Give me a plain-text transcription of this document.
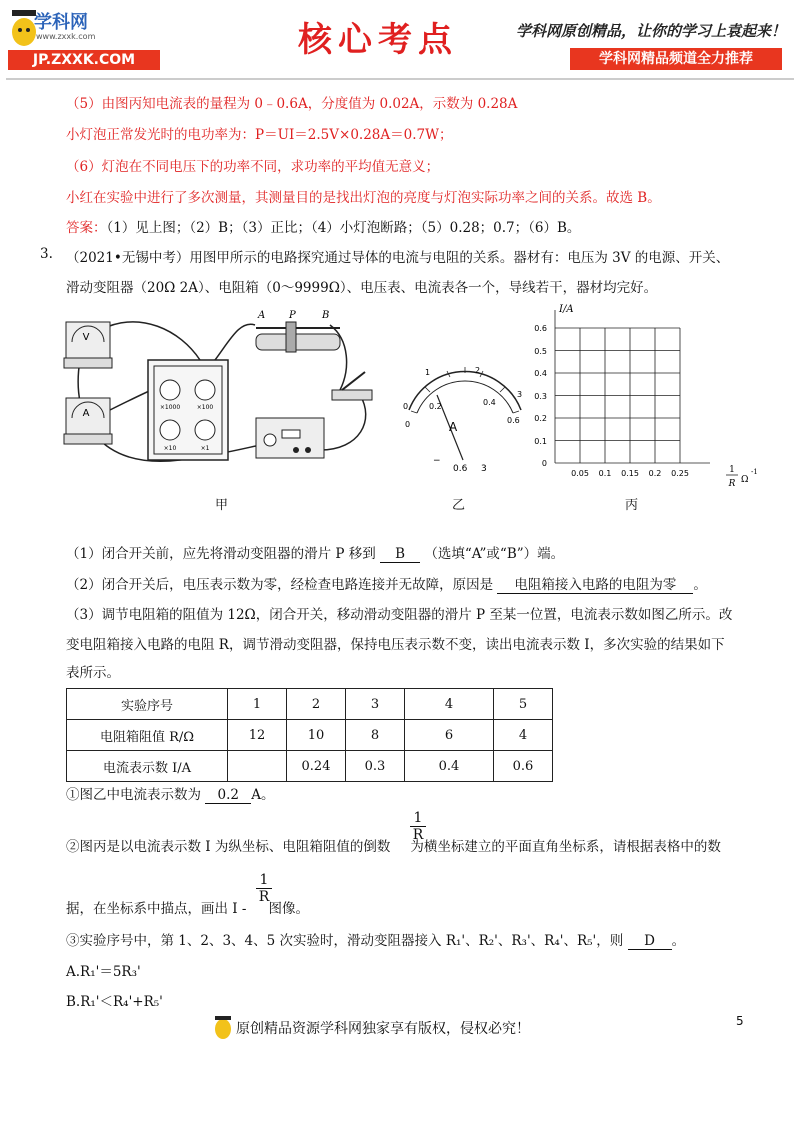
学科网
www.zxxk.com
JP.ZXXK.COM	核心考点	学科网原创精品，让你的学习上袁起来！
学科网精品频道全力推荐
（5）由图丙知电流表的量程为 0﹣0.6A，分度值为 0.02A，示数为 0.28A
小灯泡正常发光时的电功率为：P＝UI＝2.5V×0.28A＝0.7W；
（6）灯泡在不同电压下的功率不同，求功率的平均值无意义；
小红在实验中进行了多次测量，其测量目的是找出灯泡的亮度与灯泡实际功率之间的关系。故选 B。
答案：（1）见上图；（2）B；（3）正比；（4）小灯泡断路；（5）0.28；0.7；（6）B。
3. （2021•无锡中考）用图甲所示的电路探究通过导体的电流与电阻的关系。器材有：电压为 3V 的电源、开关、
滑动变阻器（20Ω 2A）、电阻箱（0～9999Ω）、电压表、电流表各一个，导线若干，器材均完好。
V
A
×1000	×100
×10	×1
A P	B
甲
0
1	2
3
0
0.2	0.4
0.6
A
−
0.6 3
乙
I/A
0
0.1
0.2
0.3
0.4
0.5
0.6
0.05 0.1 0.15 0.2 0.25	1
R Ω
-1
丙
（1）闭合开关前，应先将滑动变阻器的滑片 P 移到 B （选填“A”或“B”）端。
（2）闭合开关后，电压表示数为零，经检查电路连接并无故障，原因是 电阻箱接入电路的电阻为零 。
（3）调节电阻箱的阻值为 12Ω，闭合开关，移动滑动变阻器的滑片 P 至某一位置，电流表示数如图乙所示。改
变电阻箱接入电路的电阻 R，调节滑动变阻器，保持电压表示数不变，读出电流表示数 I，多次实验的结果如下
表所示。
实验序号	1	2	3	4	5
电阻箱阻值 R/Ω	12	10	8	6	4
电流表示数 I/A		0.24	0.3	0.4	0.6
①图乙中电流表示数为 0.2 A。
$\frac{1}{R}$
②图丙是以电流表示数 I 为纵坐标、电阻箱阻值的倒数 为横坐标建立的平面直角坐标系，请根据表格中的数
$\frac{1}{R}$
据，在坐标系中描点，画出 I - 图像。
③实验序号中，第 1、2、3、4、5 次实验时，滑动变阻器接入 R₁'、R₂'、R₃'、R₄'、R₅'，则 D 。
A.R₁'＝5R₃'
B.R₁'＜R₄'+R₅'
原创精品资源学科网独家享有版权，侵权必究！	5
